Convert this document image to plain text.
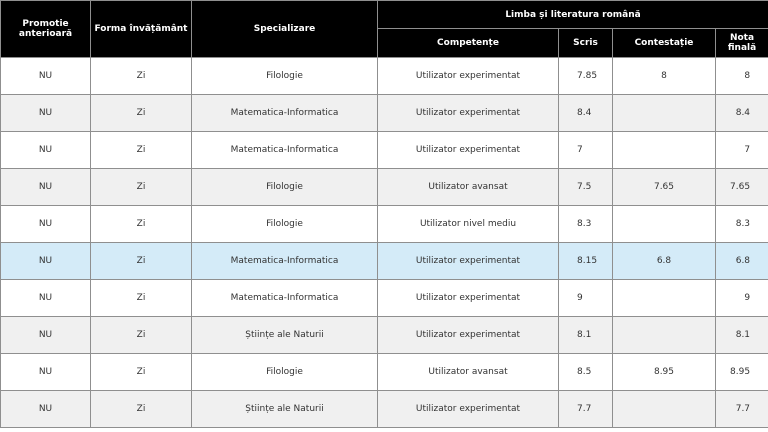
Promotie anterioară	Forma învățământ	Specializare	Limba și literatura română			
			Competențe	Scris	Contestație	Nota finală
NU	Zi	Filologie	Utilizator experimentat	7.85	8	8
NU	Zi	Matematica-Informatica	Utilizator experimentat	8.4		8.4
NU	Zi	Matematica-Informatica	Utilizator experimentat	7		7
NU	Zi	Filologie	Utilizator avansat	7.5	7.65	7.65
NU	Zi	Filologie	Utilizator nivel mediu	8.3		8.3
NU	Zi	Matematica-Informatica	Utilizator experimentat	8.15	6.8	6.8
NU	Zi	Matematica-Informatica	Utilizator experimentat	9		9
NU	Zi	Științe ale Naturii	Utilizator experimentat	8.1		8.1
NU	Zi	Filologie	Utilizator avansat	8.5	8.95	8.95
NU	Zi	Științe ale Naturii	Utilizator experimentat	7.7		7.7
